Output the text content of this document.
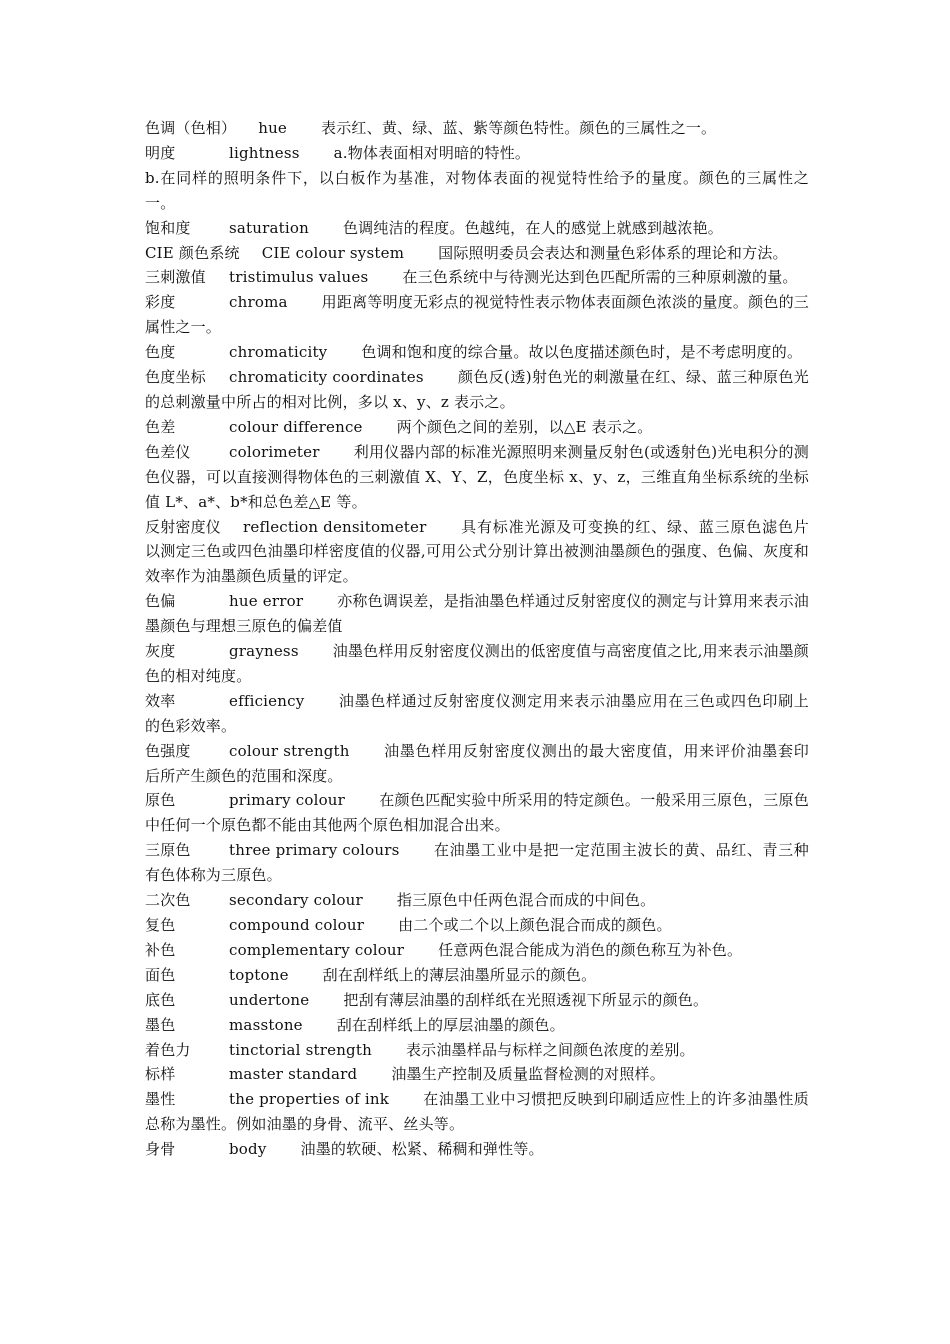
色调（色相） hue 表示红、黄、绿、蓝、紫等颜色特性。颜色的三属性之一。

明度	lightness a.物体表面相对明暗的特性。

b.在同样的照明条件下，以白板作为基准，对物体表面的视觉特性给予的量度。颜色的三属性之一。

饱和度	saturation 色调纯洁的程度。色越纯，在人的感觉上就感到越浓艳。

CIE 颜色系统 CIE colour system 国际照明委员会表达和测量色彩体系的理论和方法。

三刺激值 tristimulus values 在三色系统中与待测光达到色匹配所需的三种原刺激的量。

彩度	chroma 用距离等明度无彩点的视觉特性表示物体表面颜色浓淡的量度。颜色的三属性之一。

色度	chromaticity 色调和饱和度的综合量。故以色度描述颜色时，是不考虑明度的。

色度坐标 chromaticity coordinates 颜色反(透)射色光的刺激量在红、绿、蓝三种原色光的总刺激量中所占的相对比例，多以 x、y、z 表示之。

色差	colour difference 两个颜色之间的差别，以△E 表示之。

色差仪	colorimeter 利用仪器内部的标准光源照明来测量反射色(或透射色)光电积分的测色仪器，可以直接测得物体色的三刺激值 X、Y、Z，色度坐标 x、y、z，三维直角坐标系统的坐标值 L*、a*、b*和总色差△E 等。

反射密度仪 reflection densitometer 具有标准光源及可变换的红、绿、蓝三原色滤色片以测定三色或四色油墨印样密度值的仪器,可用公式分别计算出被测油墨颜色的强度、色偏、灰度和效率作为油墨颜色质量的评定。

色偏	hue error 亦称色调误差，是指油墨色样通过反射密度仪的测定与计算用来表示油墨颜色与理想三原色的偏差值

灰度	grayness 油墨色样用反射密度仪测出的低密度值与高密度值之比,用来表示油墨颜色的相对纯度。

效率	efficiency 油墨色样通过反射密度仪测定用来表示油墨应用在三色或四色印刷上的色彩效率。

色强度	colour strength 油墨色样用反射密度仪测出的最大密度值，用来评价油墨套印后所产生颜色的范围和深度。

原色	primary colour 在颜色匹配实验中所采用的特定颜色。一般采用三原色，三原色中任何一个原色都不能由其他两个原色相加混合出来。

三原色	three primary colours 在油墨工业中是把一定范围主波长的黄、品红、青三种有色体称为三原色。

二次色	secondary colour 指三原色中任两色混合而成的中间色。

复色	compound colour 由二个或二个以上颜色混合而成的颜色。

补色	complementary colour 任意两色混合能成为消色的颜色称互为补色。

面色	toptone 刮在刮样纸上的薄层油墨所显示的颜色。

底色	undertone 把刮有薄层油墨的刮样纸在光照透视下所显示的颜色。

墨色	masstone 刮在刮样纸上的厚层油墨的颜色。

着色力	tinctorial strength 表示油墨样品与标样之间颜色浓度的差别。

标样	master standard 油墨生产控制及质量监督检测的对照样。

墨性	the properties of ink 在油墨工业中习惯把反映到印刷适应性上的许多油墨性质总称为墨性。例如油墨的身骨、流平、丝头等。

身骨	body 油墨的软硬、松紧、稀稠和弹性等。
